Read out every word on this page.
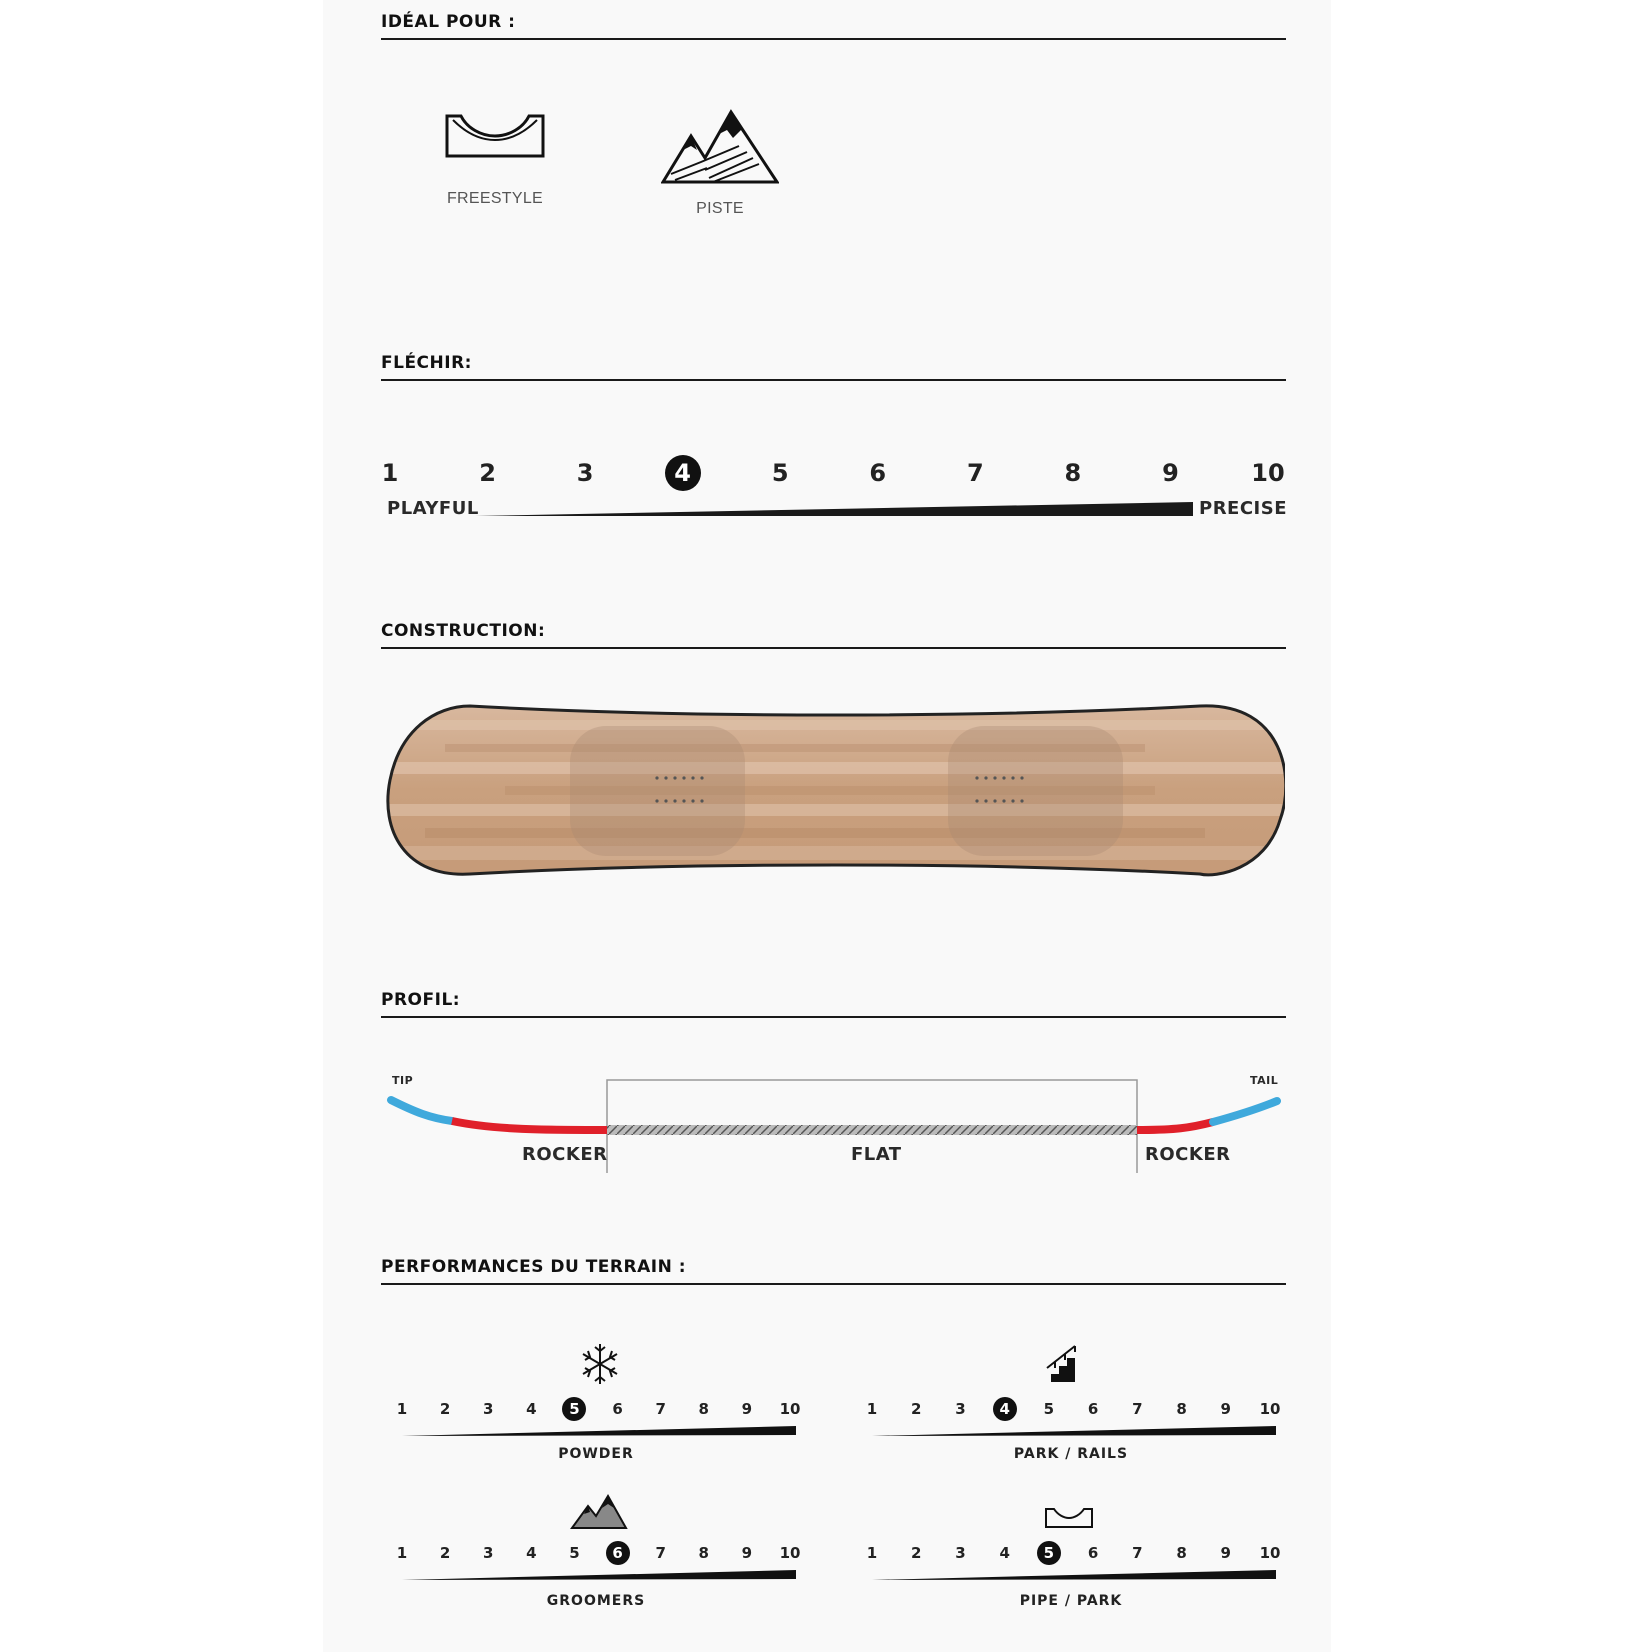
IDÉAL POUR :
FREESTYLE
PISTE
FLÉCHIR:
1	2	3	4	5	6	7	8	9	10
PLAYFUL	PRECISE
CONSTRUCTION:
PROFIL:
TIP	TAIL
ROCKER	FLAT	ROCKER
PERFORMANCES DU TERRAIN :
1	2	3	4	5	6	7	8	9	10
POWDER
1	2	3	4	5	6	7	8	9	10
PARK / RAILS
1	2	3	4	5	6	7	8	9	10
GROOMERS
1	2	3	4	5	6	7	8	9	10
PIPE / PARK
